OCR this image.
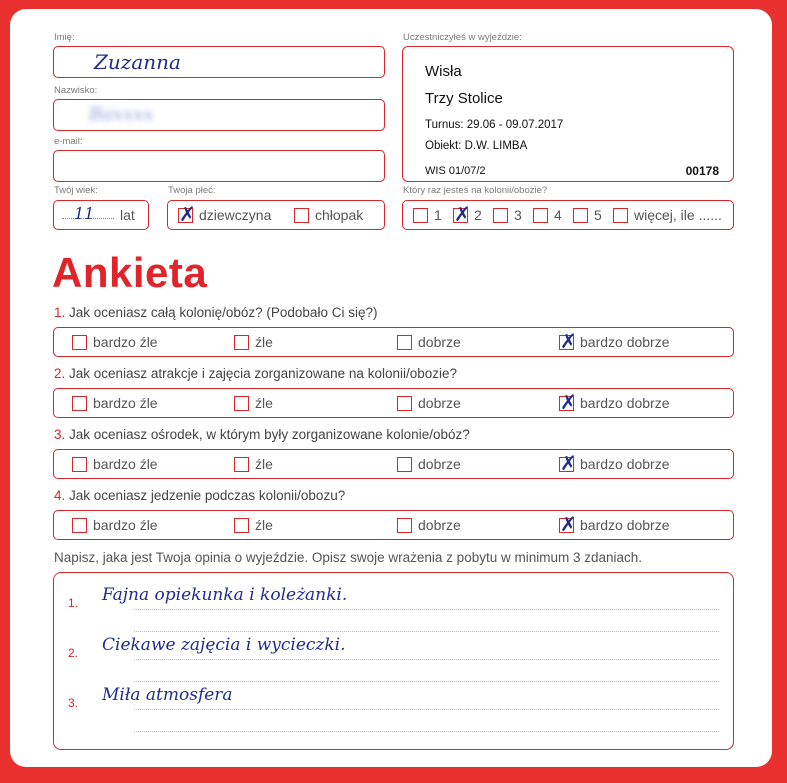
Imię:
Zuzanna
Nazwisko:
Baxxxx
e-mail:
Twój wiek:
11 lat
Twoja płeć:
✗dziewczyna	chłopak
Uczestniczyłeś w wyjeździe:
Wisła
Trzy Stolice
Turnus: 29.06 - 09.07.2017
Obiekt: D.W. LIMBA
WIS 01/07/2	00178
Który raz jesteś na kolonii/obozie?
1 ✗	2	3	4	5	więcej, ile ......
Ankieta
1. Jak oceniasz całą kolonię/obóz? (Podobało Ci się?)
bardzo źle	źle	dobrze ✗	bardzo dobrze
2. Jak oceniasz atrakcje i zajęcia zorganizowane na kolonii/obozie?
bardzo źle	źle	dobrze ✗	bardzo dobrze
3. Jak oceniasz ośrodek, w którym były zorganizowane kolonie/obóz?
bardzo źle	źle	dobrze ✗	bardzo dobrze
4. Jak oceniasz jedzenie podczas kolonii/obozu?
bardzo źle	źle	dobrze ✗	bardzo dobrze
Napisz, jaka jest Twoja opinia o wyjeździe. Opisz swoje wrażenia z pobytu w minimum 3 zdaniach.
1. Fajna opiekunka i koleżanki.
2. Ciekawe zajęcia i wycieczki.
3. Miła atmosfera
